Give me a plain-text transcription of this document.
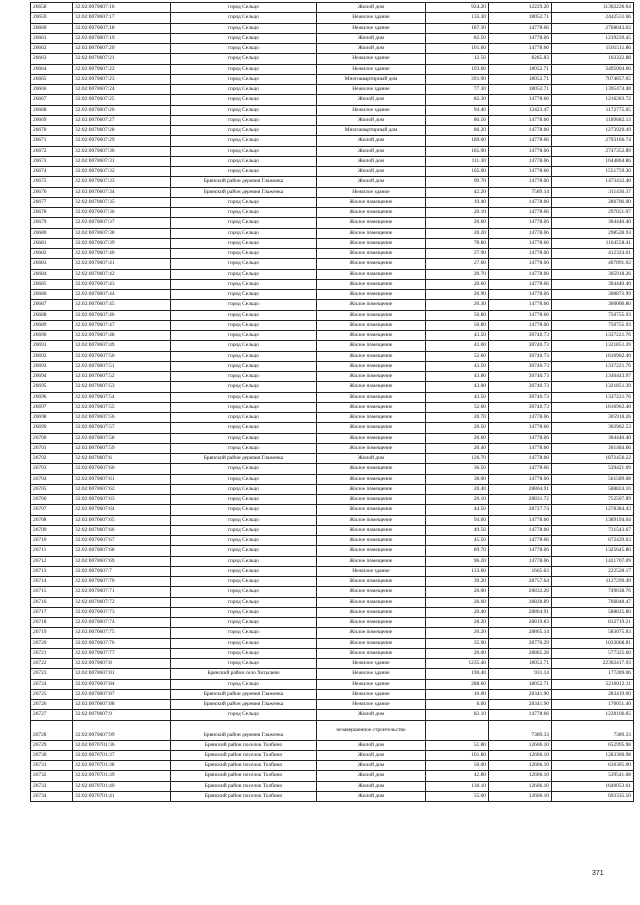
26658	32:02:0070607:16	город Сельцо	Жилой дом	924.20	12229.20	11302226.64
26659	32:02:0070607:17	город Сельцо	Нежилое здание	135.30	18052.71	2442531.66
26660	32:02:0070607:18	город Сельцо	Нежилое здание	187.30	14778.66	2768043.02
26661	32:02:0070607:19	город Сельцо	Жилой дом	82.50	14778.66	1219239.45
26662	32:02:0070607:20	город Сельцо	Жилой дом	101.60	14778.66	1501511.86
26663	32:02:0070607:21	город Сельцо	Нежилое здание	12.50	8265.83	103322.88
26664	32:02:0070607:22	город Сельцо	Нежилое здание	193.60	18052.71	3495004.66
26665	32:02:0070607:23	город Сельцо	Многоквартирный дом	391.90	18052.71	7074857.05
26666	32:02:0070607:24	город Сельцо	Нежилое здание	77.30	18052.71	1395474.48
26667	32:02:0070607:25	город Сельцо	Жилой дом	82.30	14778.66	1216283.72
26668	32:02:0070607:26	город Сельцо	Нежилое здание	94.40	12423.47	1172775.05
26669	32:02:0070607:27	город Сельцо	Жилой дом	80.50	14778.66	1189682.13
26670	32:02:0070607:28	город Сельцо	Многоквартирный дом	86.20	14778.66	1273920.49
26671	32:02:0070607:29	город Сельцо	Жилой дом	189.00	14778.66	2793166.74
26672	32:02:0070607:30	город Сельцо	Жилой дом	185.90	14778.66	2747352.89
26673	32:02:0070607:31	город Сельцо	Жилой дом	111.30	14778.66	1644864.86
26674	32:02:0070607:32	город Сельцо	Жилой дом	105.00	14778.66	1551759.30
26675	32:02:0070607:33	Брянский район деревня Глаженка	Жилой дом	99.70	14778.66	1473432.40
26676	32:02:0070607:34	Брянский район деревня Глаженка	Нежилое здание	42.20	7589.14	311436.37
26677	32:02:0070607:35	город Сельцо	Жилое помещение	19.40	14778.66	286706.00
26678	32:02:0070607:36	город Сельцо	Жилое помещение	20.10	14778.66	297051.07
26679	32:02:0070607:37	город Сельцо	Жилое помещение	20.60	14778.66	304440.40
26680	32:02:0070607:38	город Сельцо	Жилое помещение	20.20	14778.66	298528.93
26681	32:02:0070607:39	город Сельцо	Жилое помещение	78.80	14778.66	1164558.41
26682	32:02:0070607:40	город Сельцо	Жилое помещение	27.90	14778.66	412324.61
26683	32:02:0070607:41	город Сельцо	Жилое помещение	27.60	14778.66	407891.02
26684	32:02:0070607:42	город Сельцо	Жилое помещение	20.70	14778.66	305918.26
26685	32:02:0070607:43	город Сельцо	Жилое помещение	20.60	14778.66	304440.40
26686	32:02:0070607:44	город Сельцо	Жилое помещение	20.90	14778.66	308873.99
26687	32:02:0070607:45	город Сельцо	Жилое помещение	20.30	14778.66	300000.80
26688	32:02:0070607:46	город Сельцо	Жилое помещение	50.80	14778.66	750755.93
26689	32:02:0070607:47	город Сельцо	Жилое помещение	50.80	14778.66	750755.93
26690	32:02:0070607:48	город Сельцо	Жилое помещение	43.50	30740.73	1337221.76
26691	32:02:0070607:49	город Сельцо	Жилое помещение	43.00	30740.73	1321851.39
26692	32:02:0070607:50	город Сельцо	Жилое помещение	52.60	30740.73	1616962.40
26693	32:02:0070607:51	город Сельцо	Жилое помещение	43.50	30740.73	1337221.76
26694	32:02:0070607:52	город Сельцо	Жилое помещение	43.80	30740.73	1346443.97
26695	32:02:0070607:53	город Сельцо	Жилое помещение	43.00	30740.73	1321851.39
26696	32:02:0070607:54	город Сельцо	Жилое помещение	43.50	30740.73	1337221.76
26697	32:02:0070607:55	город Сельцо	Жилое помещение	52.60	30740.73	1616962.40
26698	32:02:0070607:56	город Сельцо	Жилое помещение	20.70	14778.66	305918.26
26699	32:02:0070607:57	город Сельцо	Жилое помещение	20.50	14778.66	302962.53
26700	32:02:0070607:58	город Сельцо	Жилое помещение	20.60	14778.66	304440.40
26701	32:02:0070607:59	город Сельцо	Жилое помещение	20.40	14778.66	301484.66
26702	32:02:0070607:6	Брянский район деревня Глаженка	Жилой дом	126.70	14778.66	1872456.22
26703	32:02:0070607:60	город Сельцо	Жилое помещение	36.50	14778.66	539421.09
26704	32:02:0070607:61	город Сельцо	Жилое помещение	38.00	14778.66	561589.08
26705	32:02:0070607:62	город Сельцо	Жилое помещение	20.40	28864.91	588824.16
26706	32:02:0070607:63	город Сельцо	Жилое помещение	26.10	28831.72	752507.89
26707	32:02:0070607:64	город Сельцо	Жилое помещение	44.50	28727.74	1278384.43
26708	32:02:0070607:65	город Сельцо	Жилое помещение	94.00	14778.66	1389194.04
26709	32:02:0070607:66	город Сельцо	Жилое помещение	49.50	14778.66	731543.67
26710	32:02:0070607:67	город Сельцо	Жилое помещение	45.50	14778.66	672429.03
26711	32:02:0070607:68	город Сельцо	Жилое помещение	89.70	14778.66	1325645.80
26712	32:02:0070607:69	город Сельцо	Жилое помещение	96.20	14778.66	1421707.09
26713	32:02:0070607:7	город Сельцо	Нежилое здание	133.60	1665.63	222528.17
26714	32:02:0070607:70	город Сельцо	Жилое помещение	39.20	28757.64	1127299.49
26715	32:02:0070607:71	город Сельцо	Жилое помещение	26.00	28832.26	749638.76
26716	32:02:0070607:72	город Сельцо	Жилое помещение	26.60	28828.89	766848.47
26717	32:02:0070607:73	город Сельцо	Жилое помещение	20.40	28864.91	588825.80
26718	32:02:0070607:74	город Сельцо	Жилое помещение	28.20	28819.83	812719.21
26719	32:02:0070607:75	город Сельцо	Жилое помещение	20.20	28865.14	583075.83
26720	32:02:0070607:76	город Сельцо	Жилое помещение	35.90	28776.29	1033068.81
26721	32:02:0070607:77	город Сельцо	Жилое помещение	20.00	28865.28	577325.60
26722	32:02:0070607:8	город Сельцо	Нежилое здание	1235.40	18052.71	22302417.93
26723	32:02:0070607:81	Брянский район село Хотылево	Нежилое здание	190.40	931.14	177289.06
26724	32:02:0070607:84	город Сельцо	Нежилое здание	288.60	18052.71	5210012.11
26725	32:02:0070607:87	Брянский район деревня Глаженка	Нежилое здание	10.00	28341.90	283419.00
26726	32:02:0070607:88	Брянский район деревня Глаженка	Нежилое здание	6.00	28341.90	170051.40
26727	32:02:0070607:9	город Сельцо	Жилой дом	83.10	14778.66	1228106.65
26728	32:02:0070607:99	Брянский район деревня Глаженка	незавершенное строительство		7389.33	7389.33
26729	32:02:0070701:36	Брянский район поселок Толбино	Жилой дом	51.80	12606.10	652995.98
26730	32:02:0070701:37	Брянский район поселок Толбино	Жилой дом	101.80	12606.10	1283300.98
26731	32:02:0070701:38	Брянский район поселок Толбино	Жилой дом	50.00	12606.10	630305.00
26732	32:02:0070701:39	Брянский район поселок Толбино	Жилой дом	42.80	12606.10	539541.08
26733	32:02:0070701:40	Брянский район поселок Толбино	Жилой дом	130.10	12606.10	1640053.61
26734	32:02:0070701:41	Брянский район поселок Толбино	Жилой дом	55.00	12606.10	693335.50
371
